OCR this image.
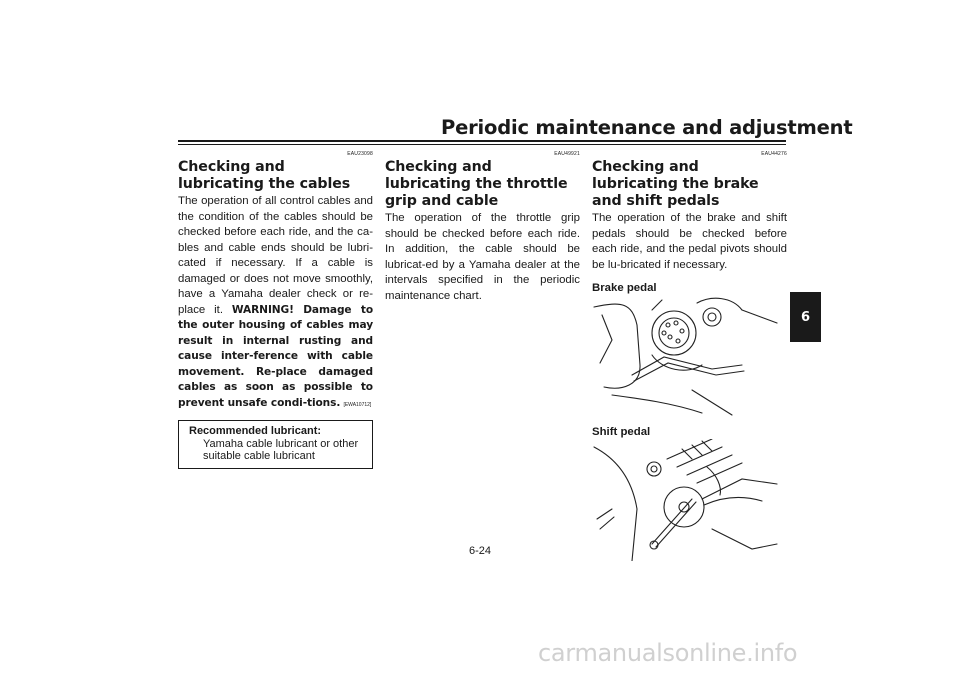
Periodic maintenance and adjustment
6
EAU23098
Checking and lubricating the cables

The operation of all control cables and the condition of the cables should be checked before each ride, and the ca-bles and cable ends should be lubri-cated if necessary. If a cable is damaged or does not move smoothly, have a Yamaha dealer check or re-place it. WARNING! Damage to the outer housing of cables may result in internal rusting and cause inter-ference with cable movement. Re-place damaged cables as soon as possible to prevent unsafe condi-tions. [EWA10712]

Recommended lubricant:
Yamaha cable lubricant or other suitable cable lubricant
EAU49921
Checking and lubricating the throttle grip and cable

The operation of the throttle grip should be checked before each ride. In addition, the cable should be lubricat-ed by a Yamaha dealer at the intervals specified in the periodic maintenance chart.

EAU44276
Checking and lubricating the brake and shift pedals

The operation of the brake and shift pedals should be checked before each ride, and the pedal pivots should be lu-bricated if necessary.

Brake pedal
Shift pedal
6-24
carmanualsonline.info
